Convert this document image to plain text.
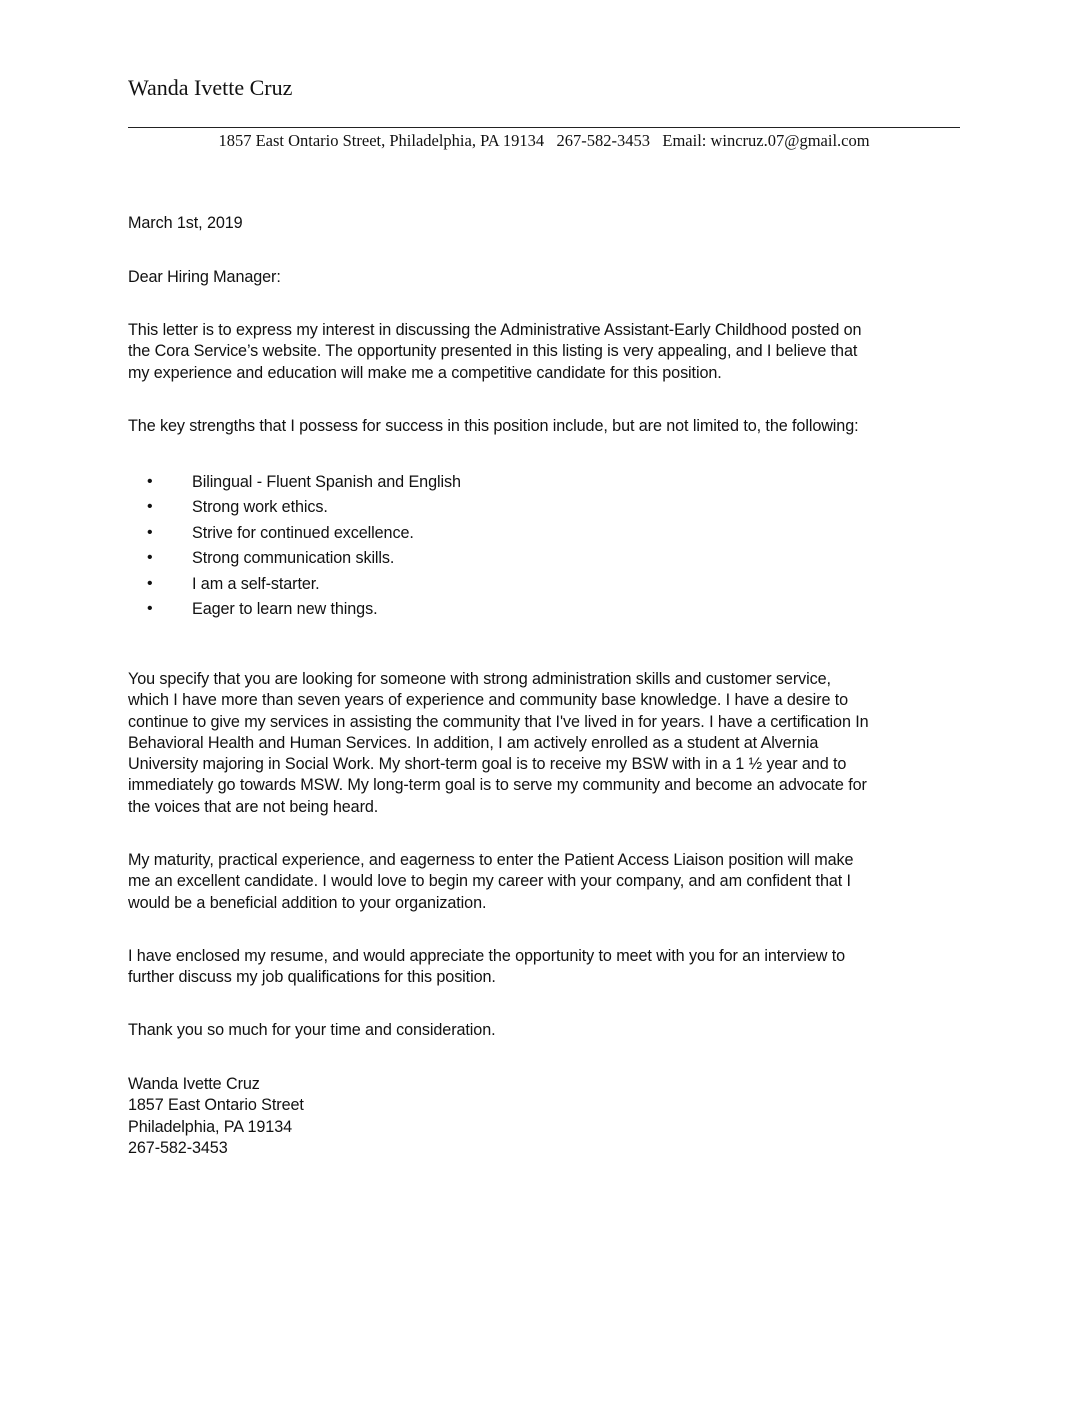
Wanda Ivette Cruz
1857 East Ontario Street, Philadelphia, PA 19134   267-582-3453   Email: wincruz.07@gmail.com

March 1st, 2019

Dear Hiring Manager:

This letter is to express my interest in discussing the Administrative Assistant-Early Childhood posted on
the Cora Service’s website. The opportunity presented in this listing is very appealing, and I believe that
my experience and education will make me a competitive candidate for this position.

The key strengths that I possess for success in this position include, but are not limited to, the following:

• Bilingual - Fluent Spanish and English
• Strong work ethics.
• Strive for continued excellence.
• Strong communication skills.
• I am a self-starter.
• Eager to learn new things.

You specify that you are looking for someone with strong administration skills and customer service,
which I have more than seven years of experience and community base knowledge. I have a desire to
continue to give my services in assisting the community that I've lived in for years. I have a certification In
Behavioral Health and Human Services. In addition, I am actively enrolled as a student at Alvernia
University majoring in Social Work. My short-term goal is to receive my BSW with in a 1 ½ year and to
immediately go towards MSW. My long-term goal is to serve my community and become an advocate for
the voices that are not being heard.

My maturity, practical experience, and eagerness to enter the Patient Access Liaison position will make
me an excellent candidate. I would love to begin my career with your company, and am confident that I
would be a beneficial addition to your organization.

I have enclosed my resume, and would appreciate the opportunity to meet with you for an interview to
further discuss my job qualifications for this position.

Thank you so much for your time and consideration.

Wanda Ivette Cruz
1857 East Ontario Street
Philadelphia, PA 19134
267-582-3453
